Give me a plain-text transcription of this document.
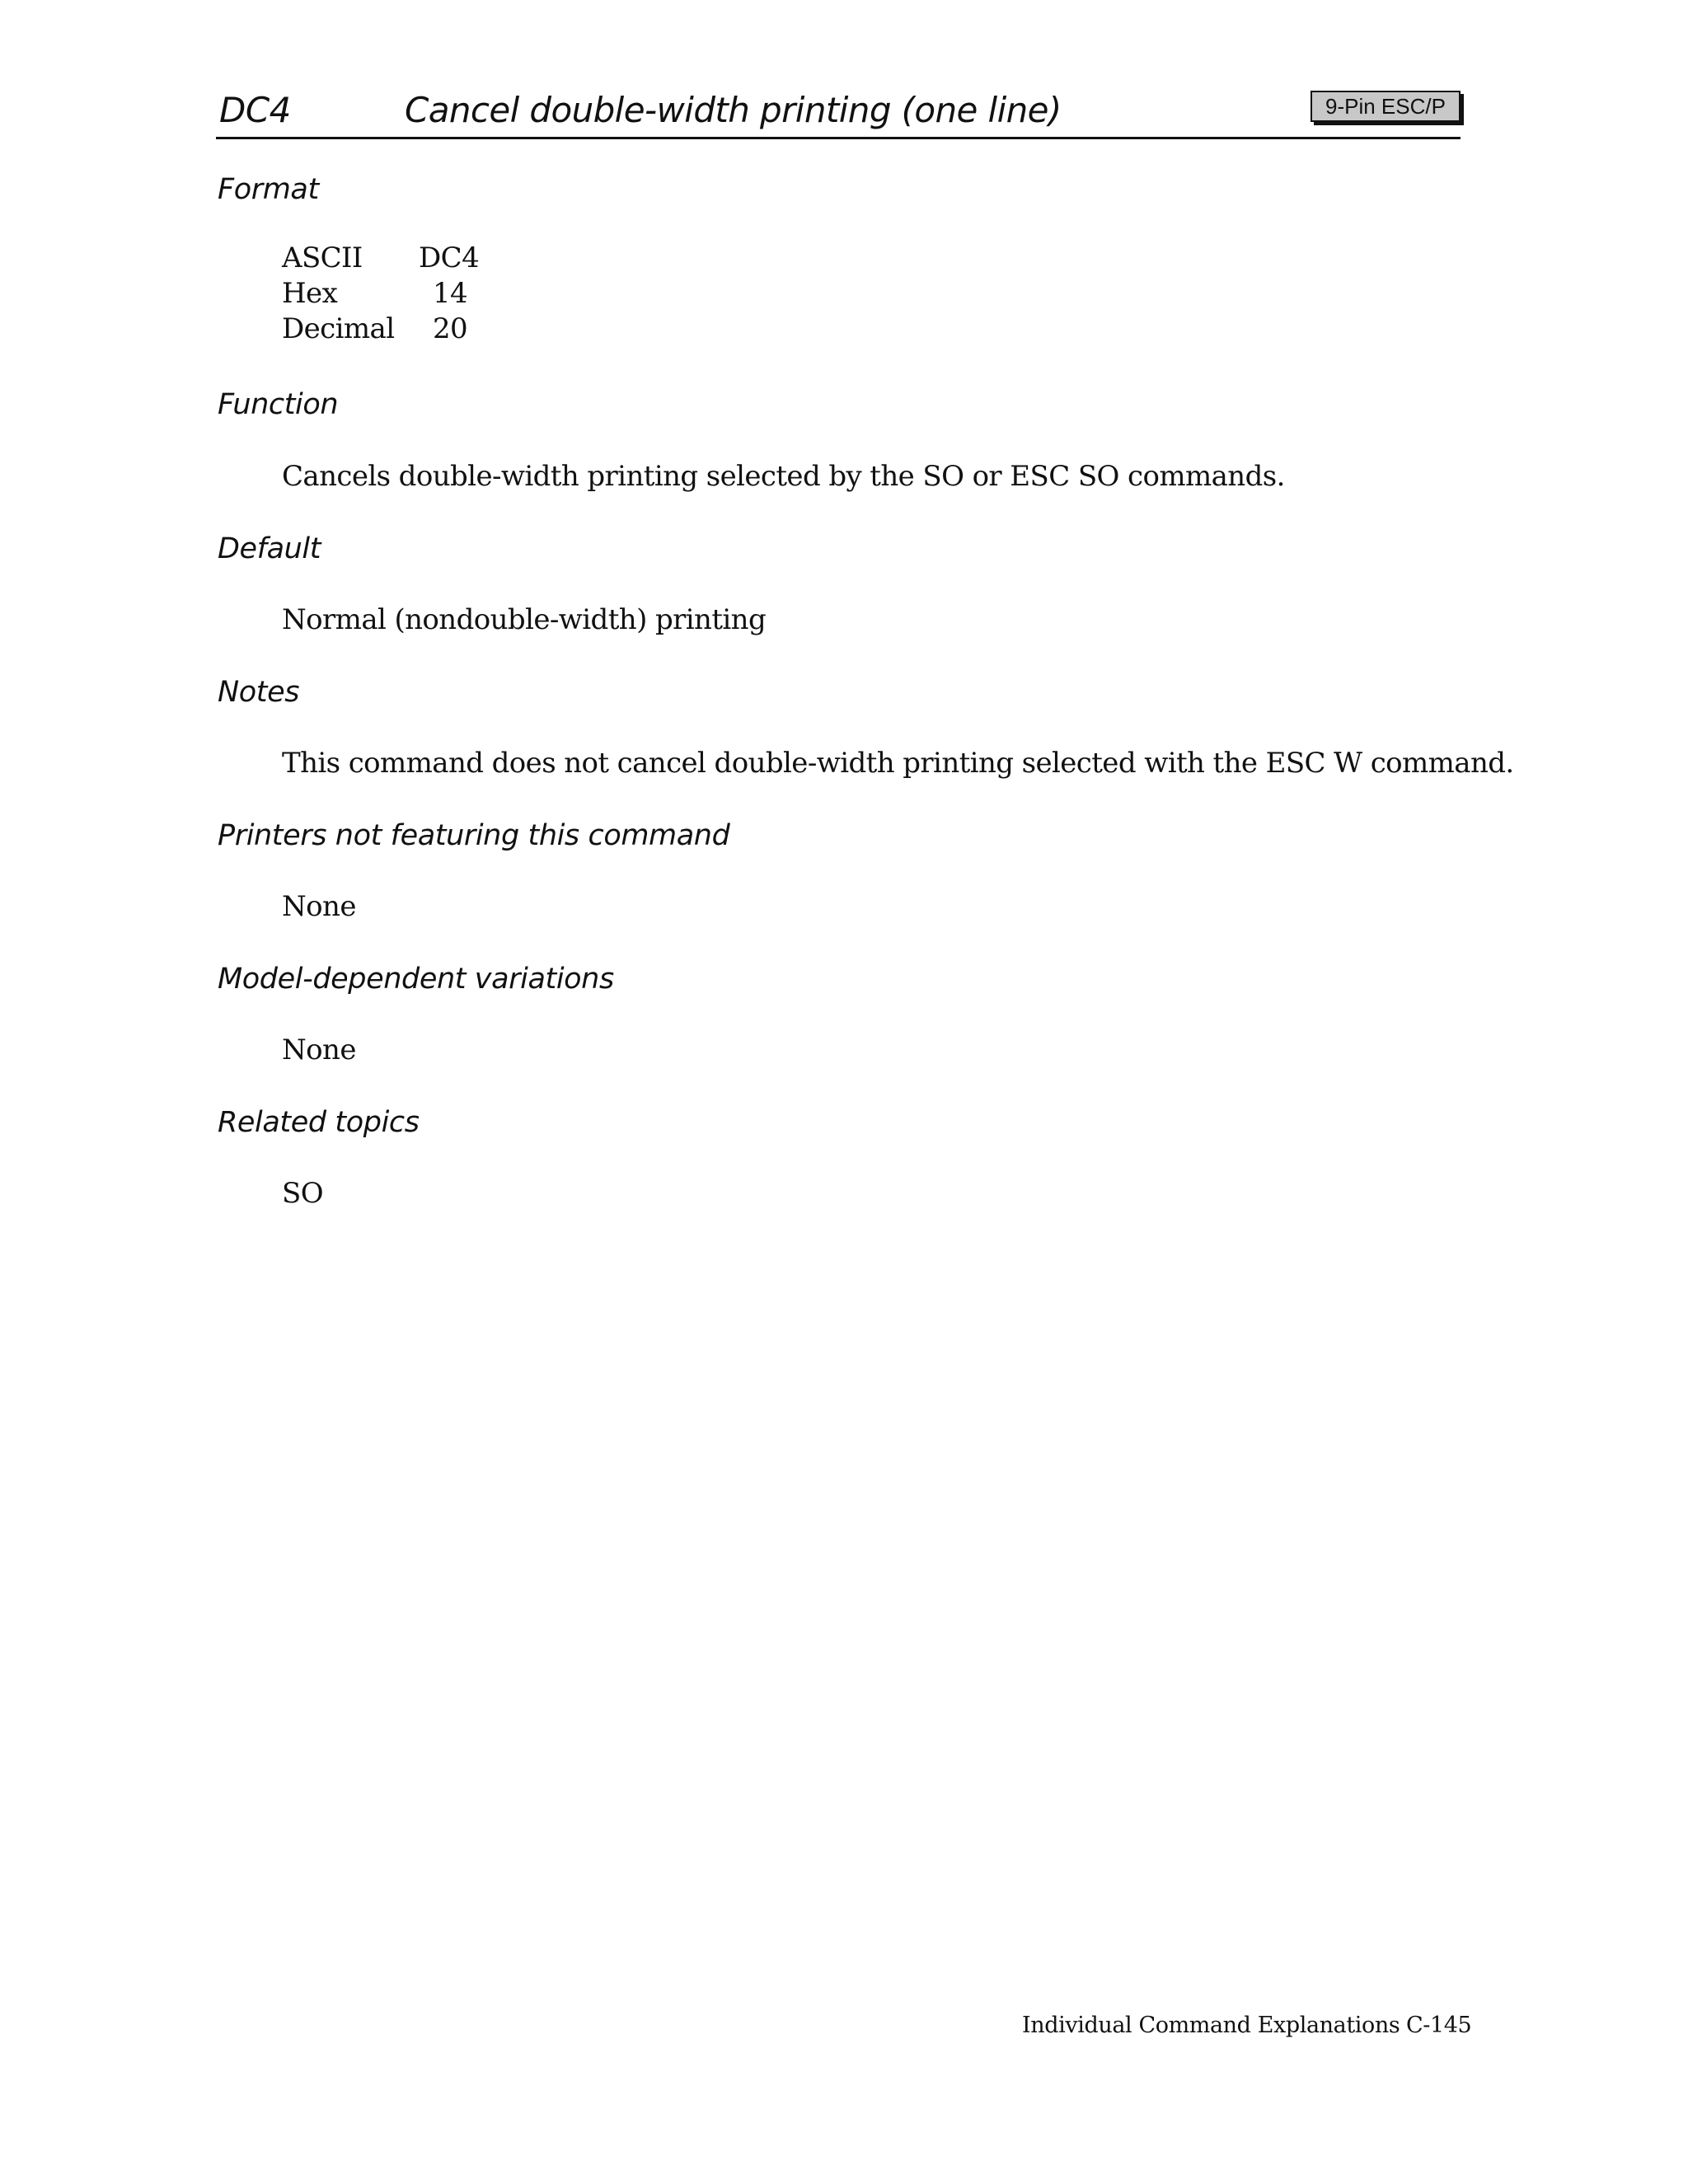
DC4	Cancel double-width printing (one line)	9-Pin ESC/P
Format
ASCII DC4
Hex	14
Decimal 20
Function
Cancels double-width printing selected by the SO or ESC SO commands.
Default
Normal (nondouble-width) printing
Notes
This command does not cancel double-width printing selected with the ESC W command.
Printers not featuring this command
None
Model-dependent variations
None
Related topics
SO
Individual Command Explanations C-145
